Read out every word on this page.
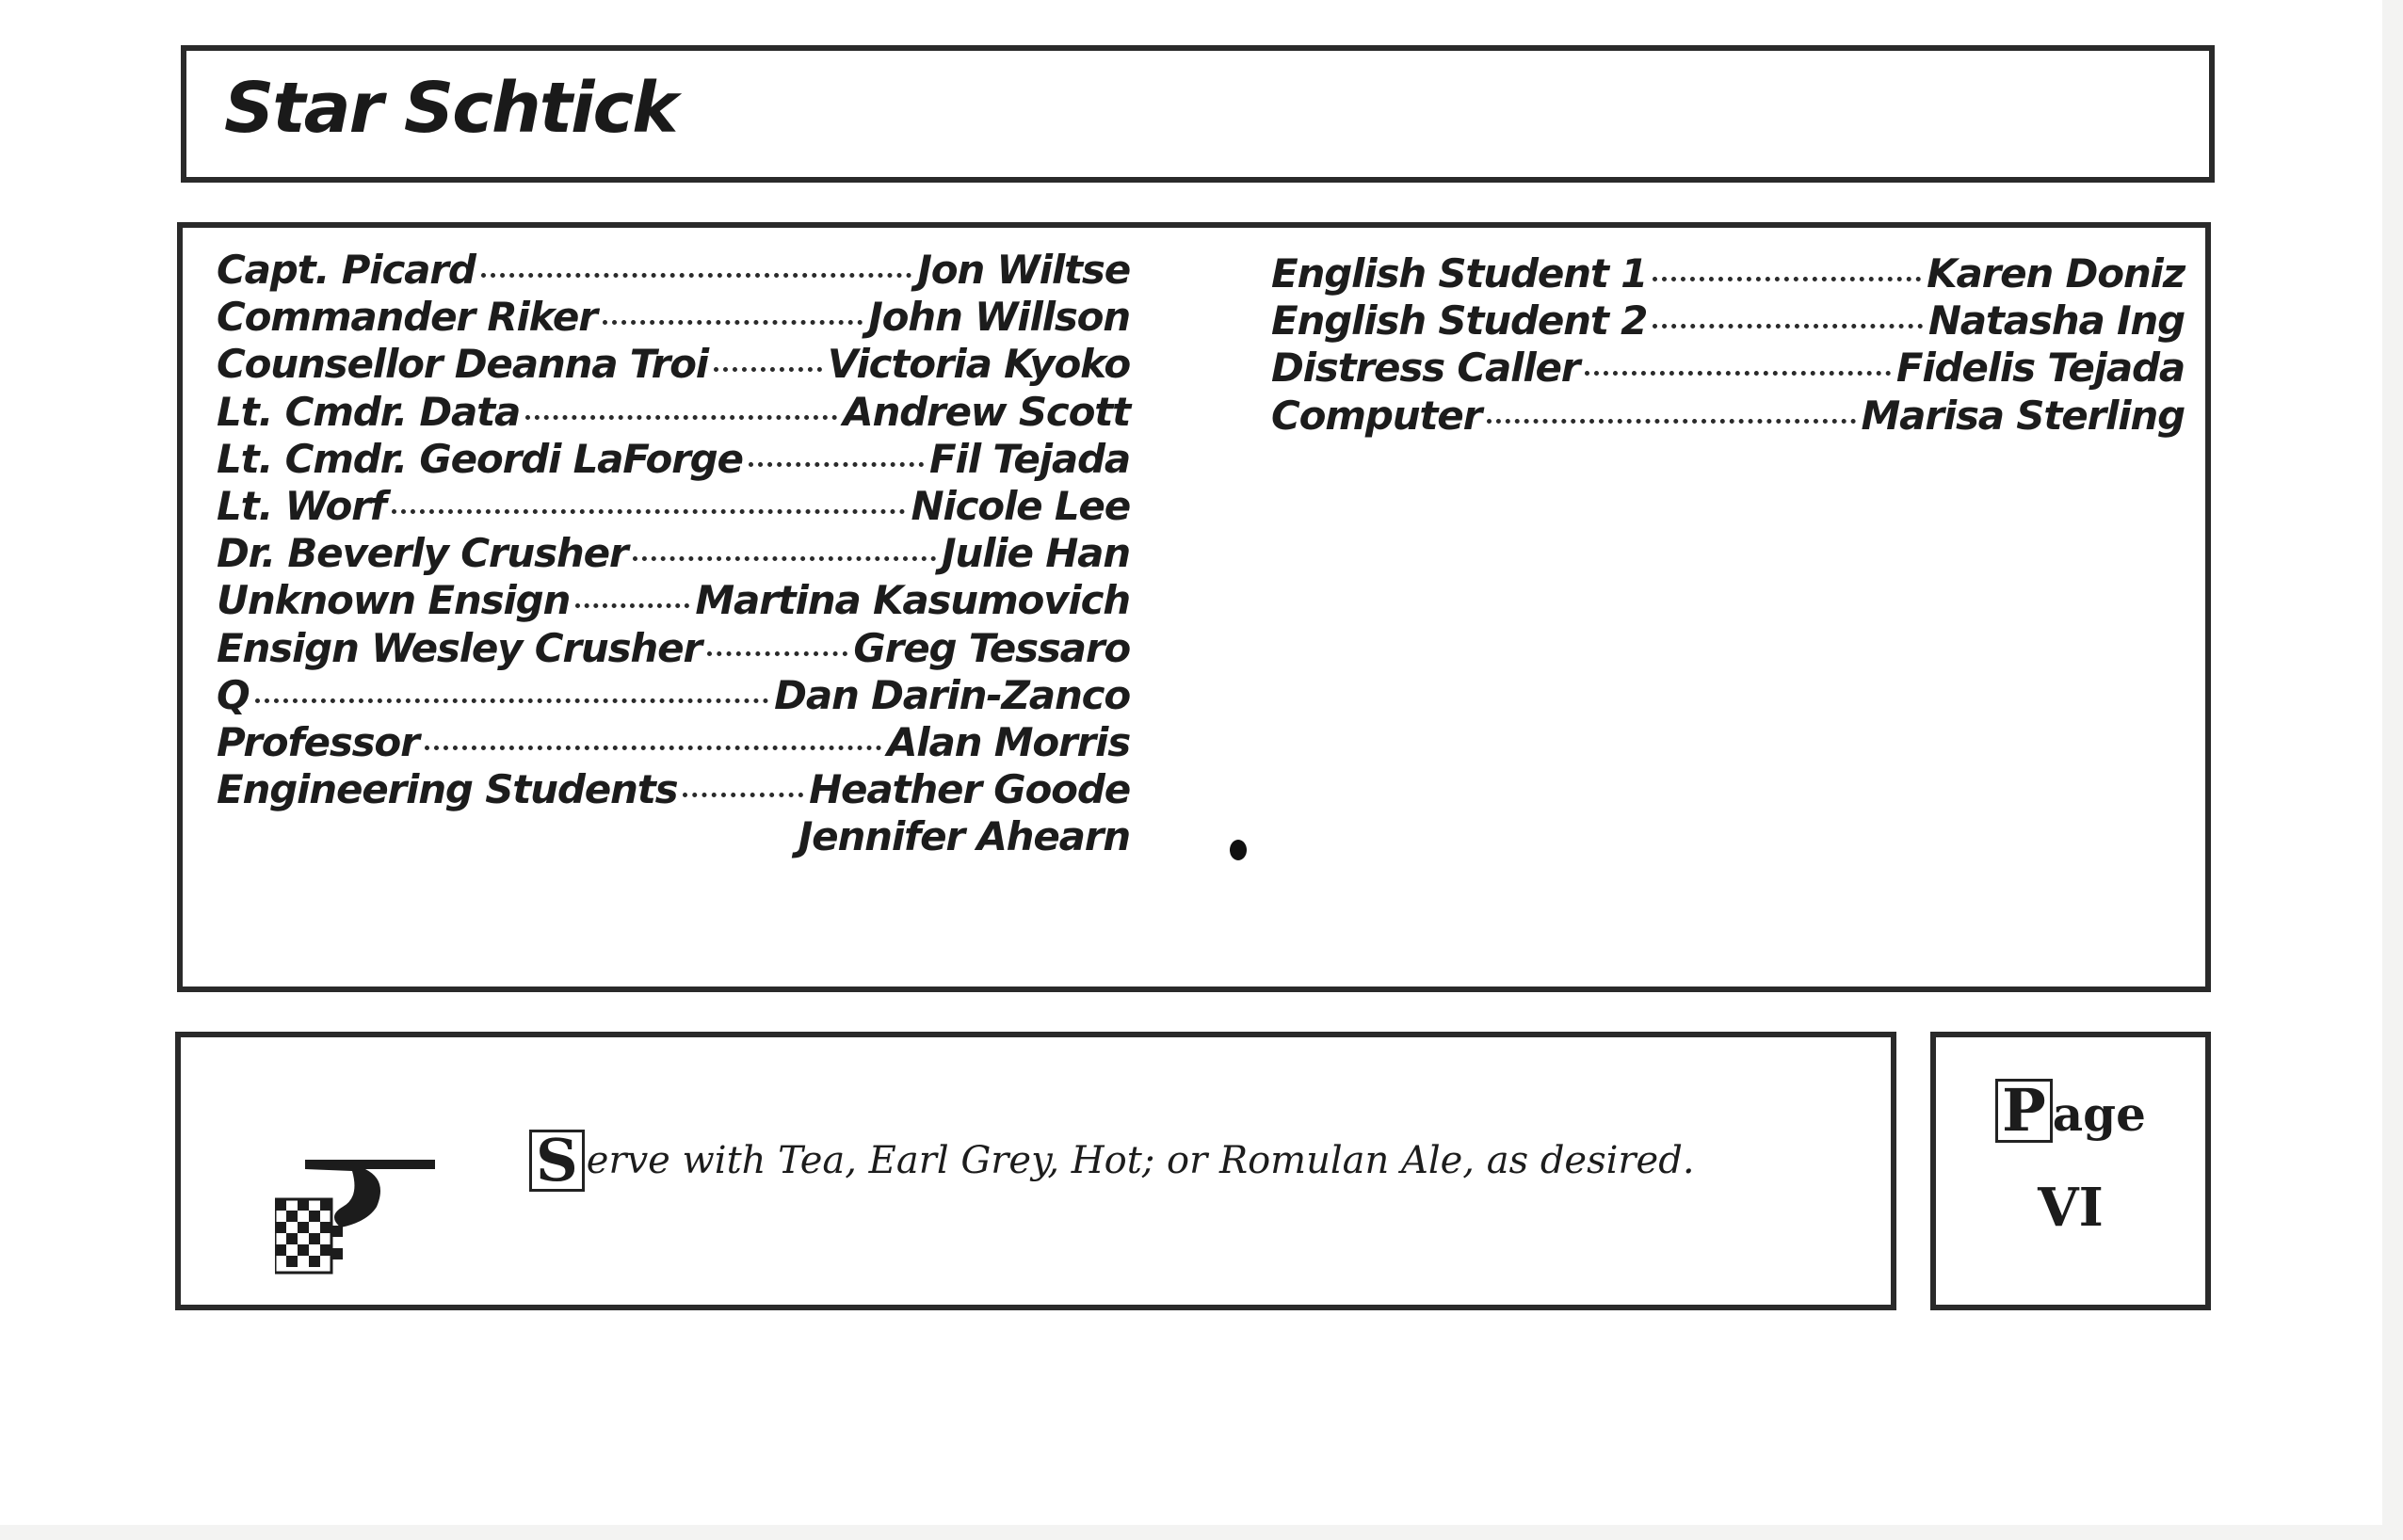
Star Schtick
Capt. Picard	Jon Wiltse
Commander Riker	John Willson
Counsellor Deanna Troi	Victoria Kyoko
Lt. Cmdr. Data	Andrew Scott
Lt. Cmdr. Geordi LaForge	Fil Tejada
Lt. Worf	Nicole Lee
Dr. Beverly Crusher	Julie Han
Unknown Ensign	Martina Kasumovich
Ensign Wesley Crusher	Greg Tessaro
Q	Dan Darin-Zanco
Professor	Alan Morris
Engineering Students	Heather Goode
Jennifer Ahearn
English Student 1	Karen Doniz
English Student 2	Natasha Ing
Distress Caller	Fidelis Tejada
Computer	Marisa Sterling
S erve with Tea, Earl Grey, Hot; or Romulan Ale, as desired.
P age
VI
